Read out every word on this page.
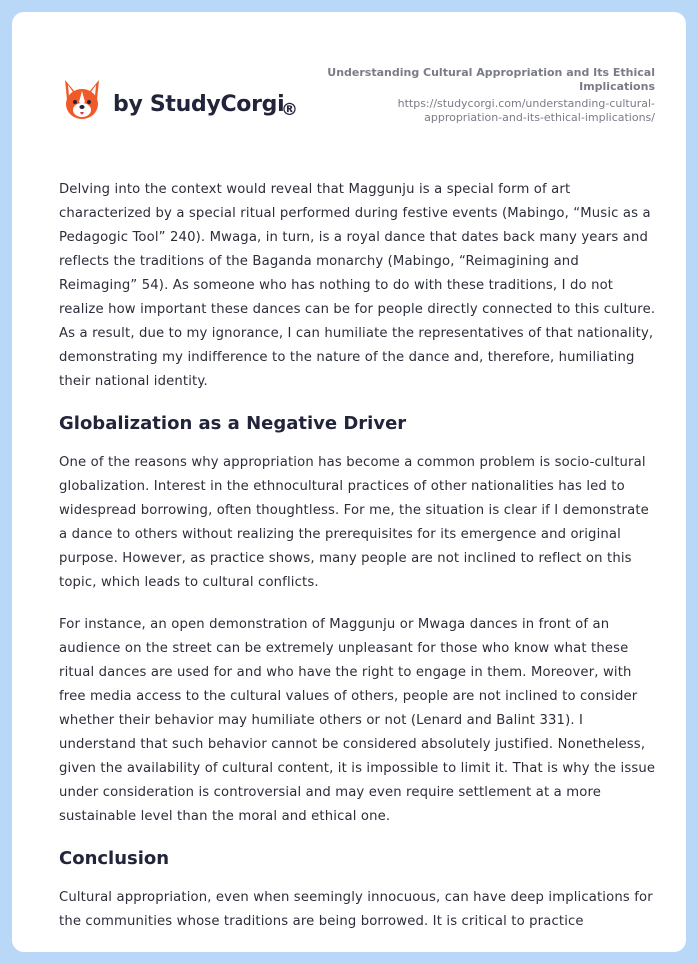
by StudyCorgi
®
Understanding Cultural Appropriation and Its Ethical Implications
https://studycorgi.com/understanding-cultural-appropriation-and-its-ethical-implications/

Delving into the context would reveal that Maggunju is a special form of art characterized by a special ritual performed during festive events (Mabingo, “Music as a Pedagogic Tool” 240). Mwaga, in turn, is a royal dance that dates back many years and reflects the traditions of the Baganda monarchy (Mabingo, “Reimagining and Reimaging” 54). As someone who has nothing to do with these traditions, I do not realize how important these dances can be for people directly connected to this culture. As a result, due to my ignorance, I can humiliate the representatives of that nationality, demonstrating my indifference to the nature of the dance and, therefore, humiliating their national identity.

Globalization as a Negative Driver

One of the reasons why appropriation has become a common problem is socio-cultural globalization. Interest in the ethnocultural practices of other nationalities has led to widespread borrowing, often thoughtless. For me, the situation is clear if I demonstrate a dance to others without realizing the prerequisites for its emergence and original purpose. However, as practice shows, many people are not inclined to reflect on this topic, which leads to cultural conflicts.

For instance, an open demonstration of Maggunju or Mwaga dances in front of an audience on the street can be extremely unpleasant for those who know what these ritual dances are used for and who have the right to engage in them. Moreover, with free media access to the cultural values of others, people are not inclined to consider whether their behavior may humiliate others or not (Lenard and Balint 331). I understand that such behavior cannot be considered absolutely justified. Nonetheless, given the availability of cultural content, it is impossible to limit it. That is why the issue under consideration is controversial and may even require settlement at a more sustainable level than the moral and ethical one.

Conclusion

Cultural appropriation, even when seemingly innocuous, can have deep implications for the communities whose traditions are being borrowed. It is critical to practice
